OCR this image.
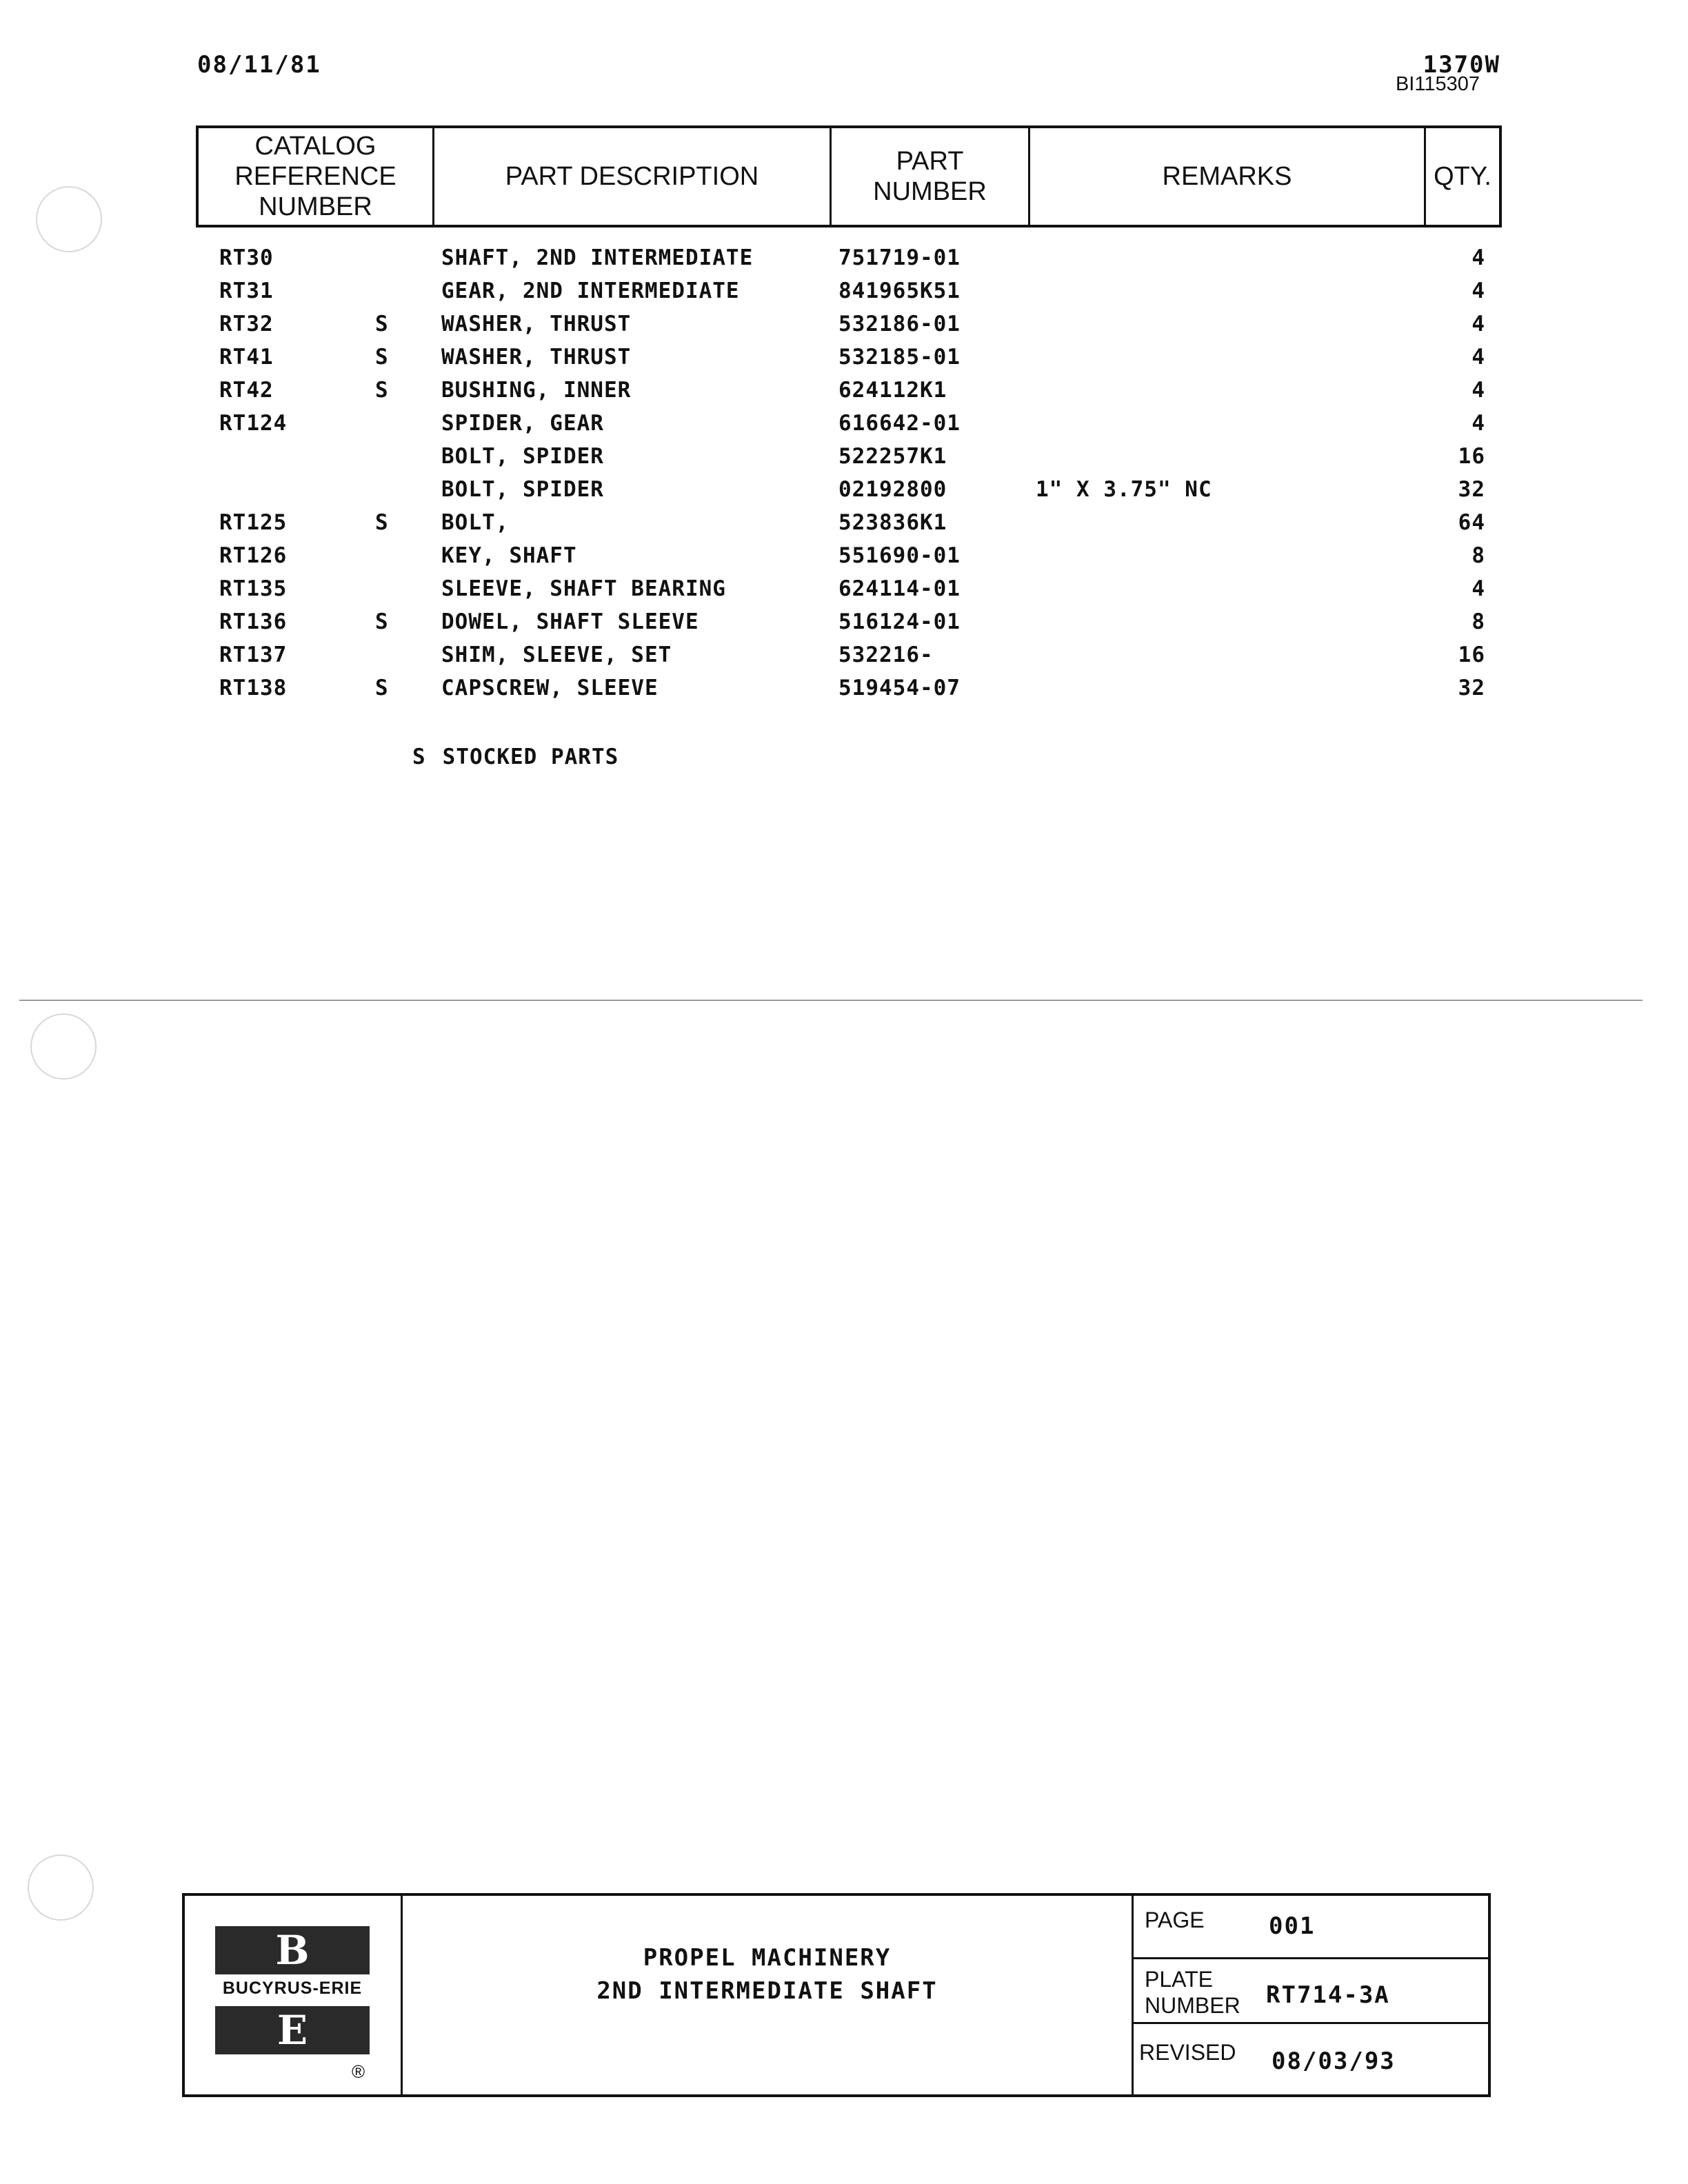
08/11/81	1370W
BI115307
CATALOG
REFERENCE
NUMBER
PART DESCRIPTION
PART
NUMBER
REMARKS	QTY.
RT30	SHAFT, 2ND INTERMEDIATE	751719-01	4
RT31	GEAR, 2ND INTERMEDIATE	841965K51	4
RT32	S WASHER, THRUST	532186-01	4
RT41	S WASHER, THRUST	532185-01	4
RT42	S BUSHING, INNER	624112K1	4
RT124	SPIDER, GEAR	616642-01	4
BOLT, SPIDER	522257K1	16
BOLT, SPIDER	02192800	1" X 3.75" NC	32
RT125	S BOLT,	523836K1	64
RT126	KEY, SHAFT	551690-01	8
RT135	SLEEVE, SHAFT BEARING	624114-01	4
RT136	S DOWEL, SHAFT SLEEVE	516124-01	8
RT137	SHIM, SLEEVE, SET	532216-	16
RT138	S CAPSCREW, SLEEVE	519454-07	32
S STOCKED PARTS
B
BUCYRUS-ERIE
E
®
PROPEL MACHINERY
2ND INTERMEDIATE SHAFT
PAGE	001
PLATE
NUMBER RT714-3A
REVISED 08/03/93
